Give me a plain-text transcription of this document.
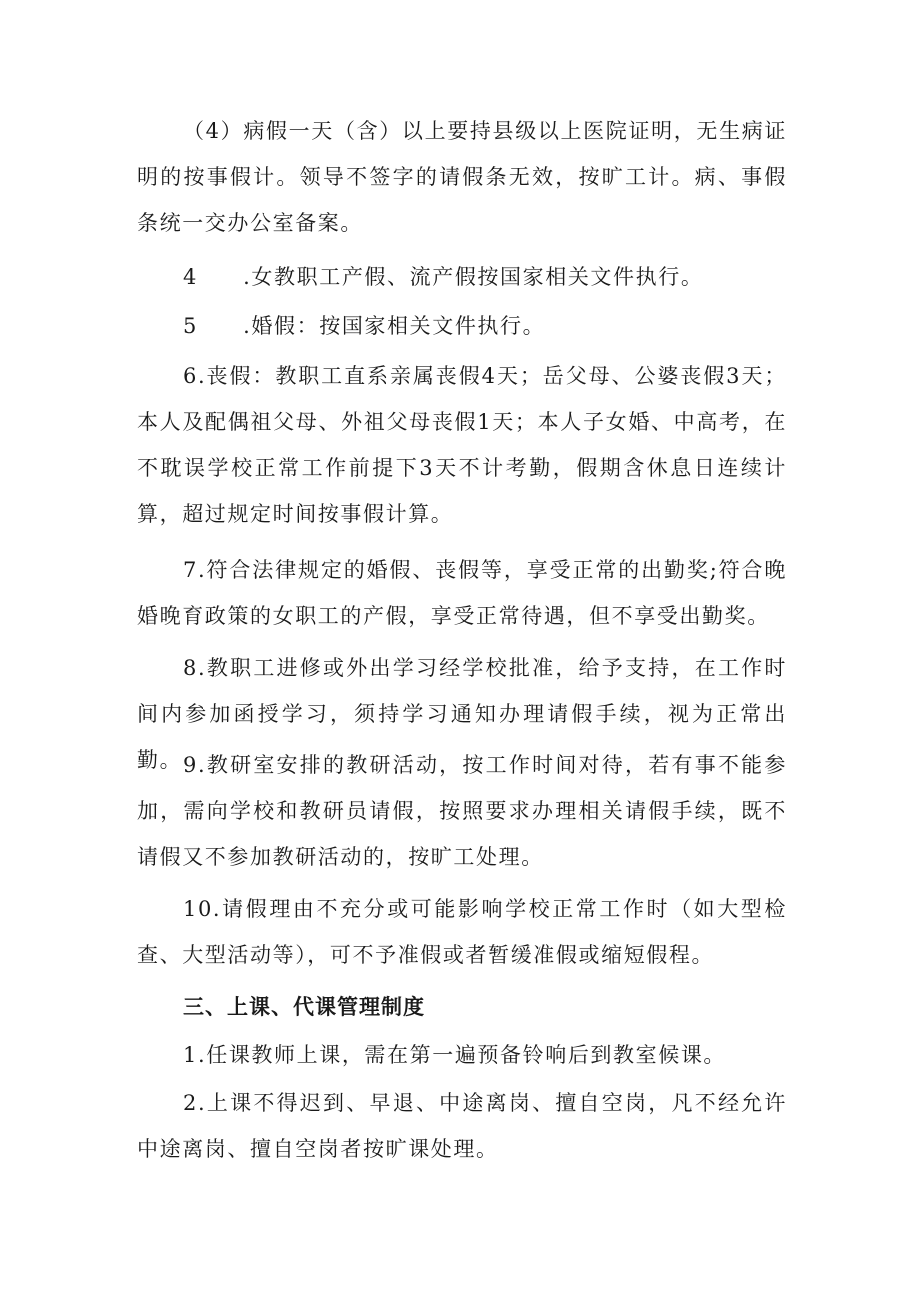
（4）病假一天（含）以上要持县级以上医院证明，无生病证明的按事假计。领导不签字的请假条无效，按旷工计。病、事假条统一交办公室备案。

4　　.女教职工产假、流产假按国家相关文件执行。

5　　.婚假：按国家相关文件执行。

6.丧假：教职工直系亲属丧假4天；岳父母、公婆丧假3天；本人及配偶祖父母、外祖父母丧假1天；本人子女婚、中高考，在不耽误学校正常工作前提下3天不计考勤，假期含休息日连续计算，超过规定时间按事假计算。

7.符合法律规定的婚假、丧假等，享受正常的出勤奖;符合晚婚晚育政策的女职工的产假，享受正常待遇，但不享受出勤奖。

8.教职工进修或外出学习经学校批准，给予支持，在工作时间内参加函授学习，须持学习通知办理请假手续，视为正常出勤。 9.教研室安排的教研活动，按工作时间对待，若有事不能参加，需向学校和教研员请假，按照要求办理相关请假手续，既不请假又不参加教研活动的，按旷工处理。

10.请假理由不充分或可能影响学校正常工作时（如大型检查、大型活动等），可不予准假或者暂缓准假或缩短假程。

三、上课、代课管理制度

1.任课教师上课，需在第一遍预备铃响后到教室候课。

2.上课不得迟到、早退、中途离岗、擅自空岗，凡不经允许中途离岗、擅自空岗者按旷课处理。
